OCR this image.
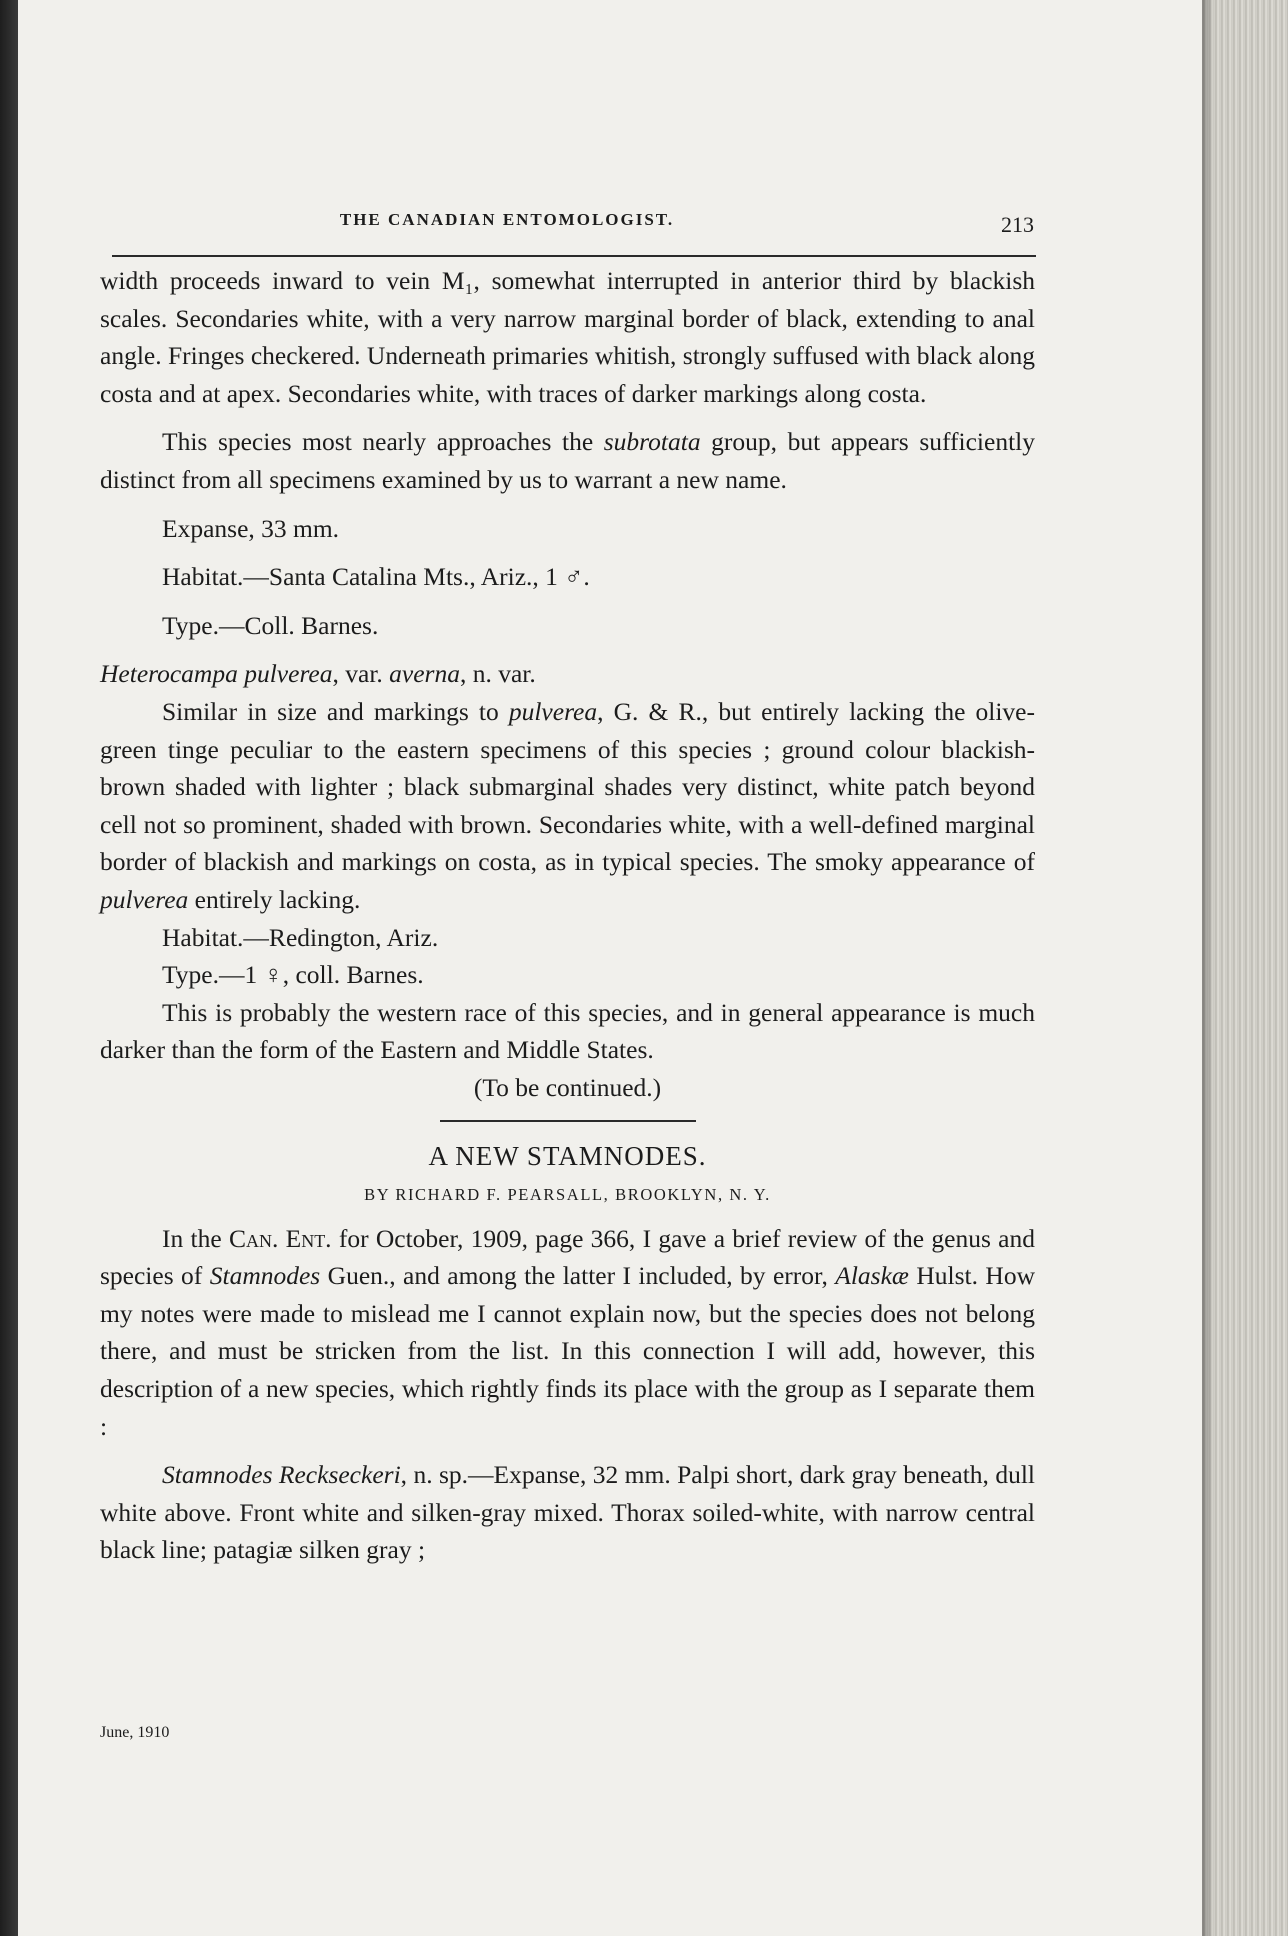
THE CANADIAN ENTOMOLOGIST.	213

width proceeds inward to vein M₁, somewhat interrupted in anterior third by blackish scales. Secondaries white, with a very narrow marginal border of black, extending to anal angle. Fringes checkered. Underneath primaries whitish, strongly suffused with black along costa and at apex. Secondaries white, with traces of darker markings along costa.

This species most nearly approaches the subrotata group, but appears sufficiently distinct from all specimens examined by us to warrant a new name.

Expanse, 33 mm.

Habitat.—Santa Catalina Mts., Ariz., 1 ♂.

Type.—Coll. Barnes.

Heterocampa pulverea, var. averna, n. var.

Similar in size and markings to pulverea, G. & R., but entirely lacking the olive-green tinge peculiar to the eastern specimens of this species ; ground colour blackish-brown shaded with lighter ; black submarginal shades very distinct, white patch beyond cell not so prominent, shaded with brown. Secondaries white, with a well-defined marginal border of blackish and markings on costa, as in typical species. The smoky appearance of pulverea entirely lacking.

Habitat.—Redington, Ariz.

Type.—1 ♀, coll. Barnes.

This is probably the western race of this species, and in general appearance is much darker than the form of the Eastern and Middle States.

(To be continued.)

A NEW STAMNODES.

BY RICHARD F. PEARSALL, BROOKLYN, N. Y.

In the Can. Ent. for October, 1909, page 366, I gave a brief review of the genus and species of Stamnodes Guen., and among the latter I included, by error, Alaskæ Hulst. How my notes were made to mislead me I cannot explain now, but the species does not belong there, and must be stricken from the list. In this connection I will add, however, this description of a new species, which rightly finds its place with the group as I separate them :

Stamnodes Reckseckeri, n. sp.—Expanse, 32 mm. Palpi short, dark gray beneath, dull white above. Front white and silken-gray mixed. Thorax soiled-white, with narrow central black line; patagiæ silken gray ;

June, 1910
